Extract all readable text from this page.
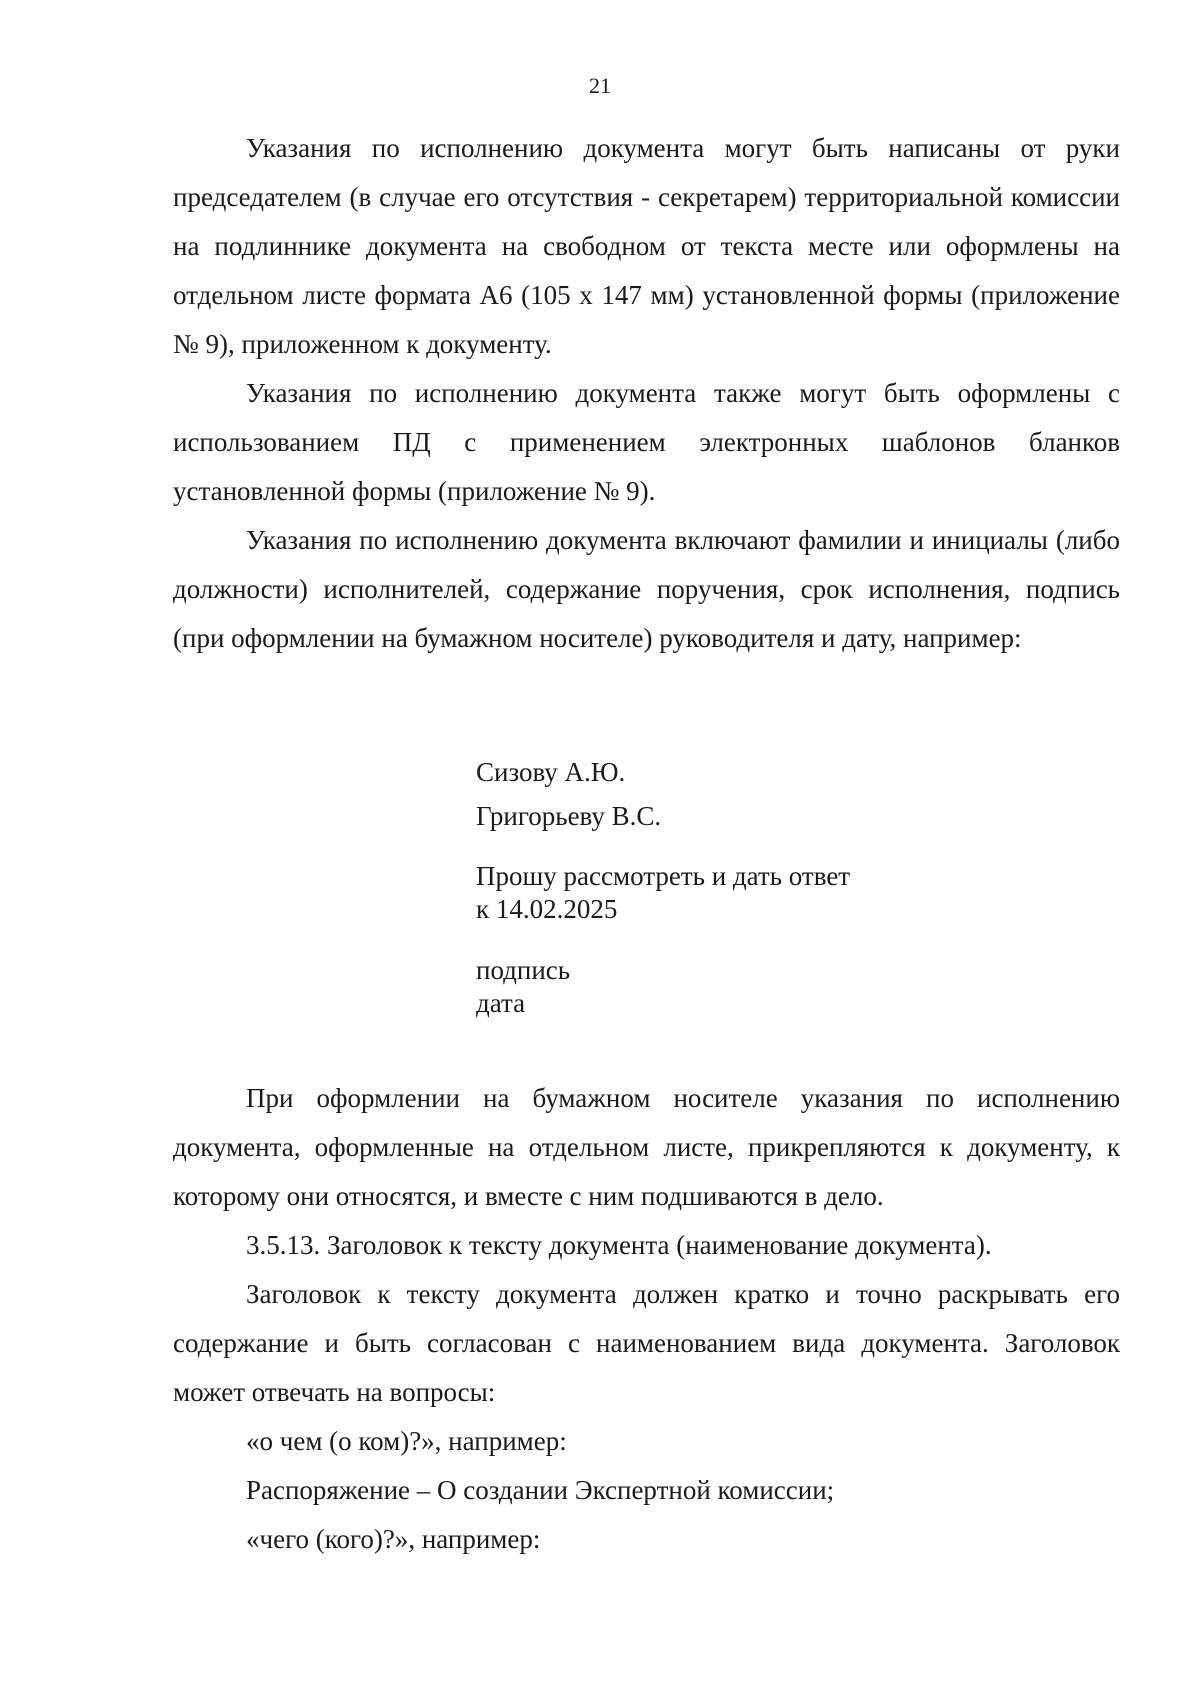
21

Указания по исполнению документа могут быть написаны от руки председателем (в случае его отсутствия - секретарем) территориальной комиссии на подлиннике документа на свободном от текста месте или оформлены на отдельном листе формата А6 (105 х 147 мм) установленной формы (приложение № 9), приложенном к документу.

Указания по исполнению документа также могут быть оформлены с использованием ПД с применением электронных шаблонов бланков установленной формы (приложение № 9).

Указания по исполнению документа включают фамилии и инициалы (либо должности) исполнителей, содержание поручения, срок исполнения, подпись (при оформлении на бумажном носителе) руководителя и дату, например:

Сизову А.Ю.
Григорьеву В.С.
Прошу рассмотреть и дать ответ
к 14.02.2025
подпись
дата

При оформлении на бумажном носителе указания по исполнению документа, оформленные на отдельном листе, прикрепляются к документу, к которому они относятся, и вместе с ним подшиваются в дело.

3.5.13. Заголовок к тексту документа (наименование документа).

Заголовок к тексту документа должен кратко и точно раскрывать его содержание и быть согласован с наименованием вида документа. Заголовок может отвечать на вопросы:

«о чем (о ком)?», например:

Распоряжение – О создании Экспертной комиссии;

«чего (кого)?», например:
